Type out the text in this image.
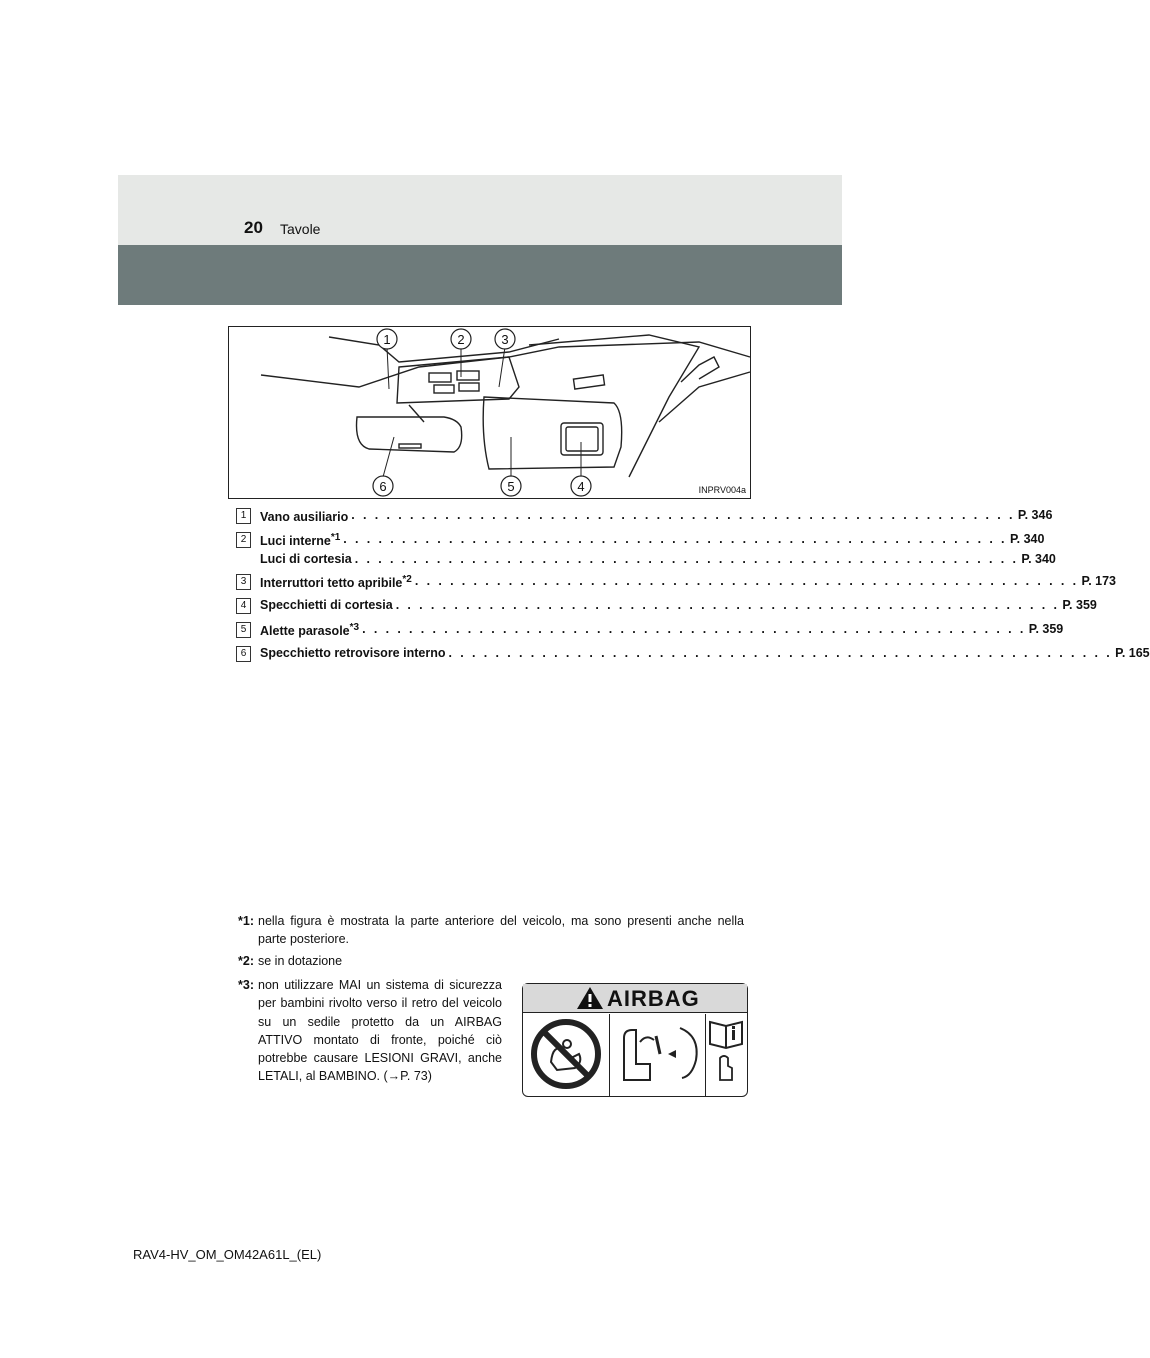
20 Tavole
1	2	3
4
5
6	INPRV004a
1	Vano ausiliario . . . . . . . . . . . . . . . . . . . . . . . . . . . . . . . . . . . . . . . . . . . . . . . . . . . . . . . . . P. 346
2	Luci interne$^{*1}$ . . . . . . . . . . . . . . . . . . . . . . . . . . . . . . . . . . . . . . . . . . . . . . . . . . . . . . . . . P. 340
Luci di cortesia . . . . . . . . . . . . . . . . . . . . . . . . . . . . . . . . . . . . . . . . . . . . . . . . . . . . . . . . . P. 340
3	Interruttori tetto apribile$^{*2}$ . . . . . . . . . . . . . . . . . . . . . . . . . . . . . . . . . . . . . . . . . . . . . . . . . . . . . . . . . P. 173
4	Specchietti di cortesia . . . . . . . . . . . . . . . . . . . . . . . . . . . . . . . . . . . . . . . . . . . . . . . . . . . . . . . . . P. 359
5	Alette parasole$^{*3}$ . . . . . . . . . . . . . . . . . . . . . . . . . . . . . . . . . . . . . . . . . . . . . . . . . . . . . . . . . P. 359
6	Specchietto retrovisore interno . . . . . . . . . . . . . . . . . . . . . . . . . . . . . . . . . . . . . . . . . . . . . . . . . . . . . . . . . P. 165
*1: nella figura è mostrata la parte anteriore del veicolo, ma sono presenti anche nella parte posteriore.
*2: se in dotazione
*3: non utilizzare MAI un sistema di sicurezza per bambini rivolto verso il retro del veicolo su un sedile protetto da un AIRBAG ATTIVO montato di fronte, poiché ciò potrebbe causare LESIONI GRAVI, anche LETALI, al BAMBINO. (→P. 73)
AIRBAG
RAV4-HV_OM_OM42A61L_(EL)
